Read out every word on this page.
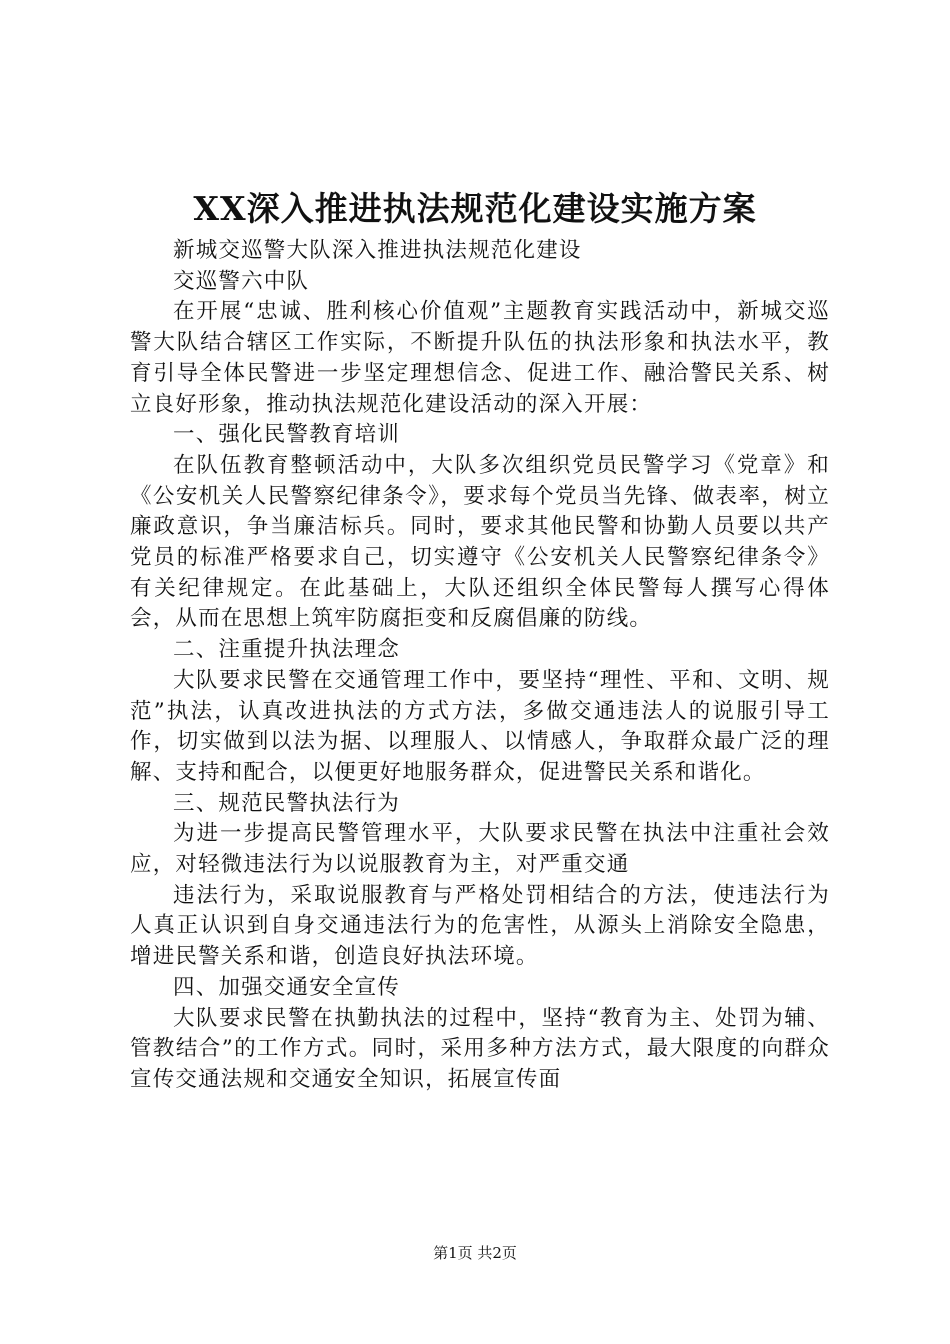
XX深入推进执法规范化建设实施方案

新城交巡警大队深入推进执法规范化建设

交巡警六中队

在开展“忠诚、胜利核心价值观”主题教育实践活动中，新城交巡警大队结合辖区工作实际，不断提升队伍的执法形象和执法水平，教育引导全体民警进一步坚定理想信念、促进工作、融洽警民关系、树立良好形象，推动执法规范化建设活动的深入开展：

一、强化民警教育培训

在队伍教育整顿活动中，大队多次组织党员民警学习《党章》和《公安机关人民警察纪律条令》，要求每个党员当先锋、做表率，树立廉政意识，争当廉洁标兵。同时，要求其他民警和协勤人员要以共产党员的标准严格要求自己，切实遵守《公安机关人民警察纪律条令》有关纪律规定。在此基础上，大队还组织全体民警每人撰写心得体会，从而在思想上筑牢防腐拒变和反腐倡廉的防线。

二、注重提升执法理念

大队要求民警在交通管理工作中，要坚持“理性、平和、文明、规范”执法，认真改进执法的方式方法，多做交通违法人的说服引导工作，切实做到以法为据、以理服人、以情感人，争取群众最广泛的理解、支持和配合，以便更好地服务群众，促进警民关系和谐化。

三、规范民警执法行为

为进一步提高民警管理水平，大队要求民警在执法中注重社会效应，对轻微违法行为以说服教育为主，对严重交通

违法行为，采取说服教育与严格处罚相结合的方法，使违法行为人真正认识到自身交通违法行为的危害性，从源头上消除安全隐患，增进民警关系和谐，创造良好执法环境。

四、加强交通安全宣传

大队要求民警在执勤执法的过程中，坚持“教育为主、处罚为辅、管教结合”的工作方式。同时，采用多种方法方式，最大限度的向群众宣传交通法规和交通安全知识，拓展宣传面

第1页 共2页
